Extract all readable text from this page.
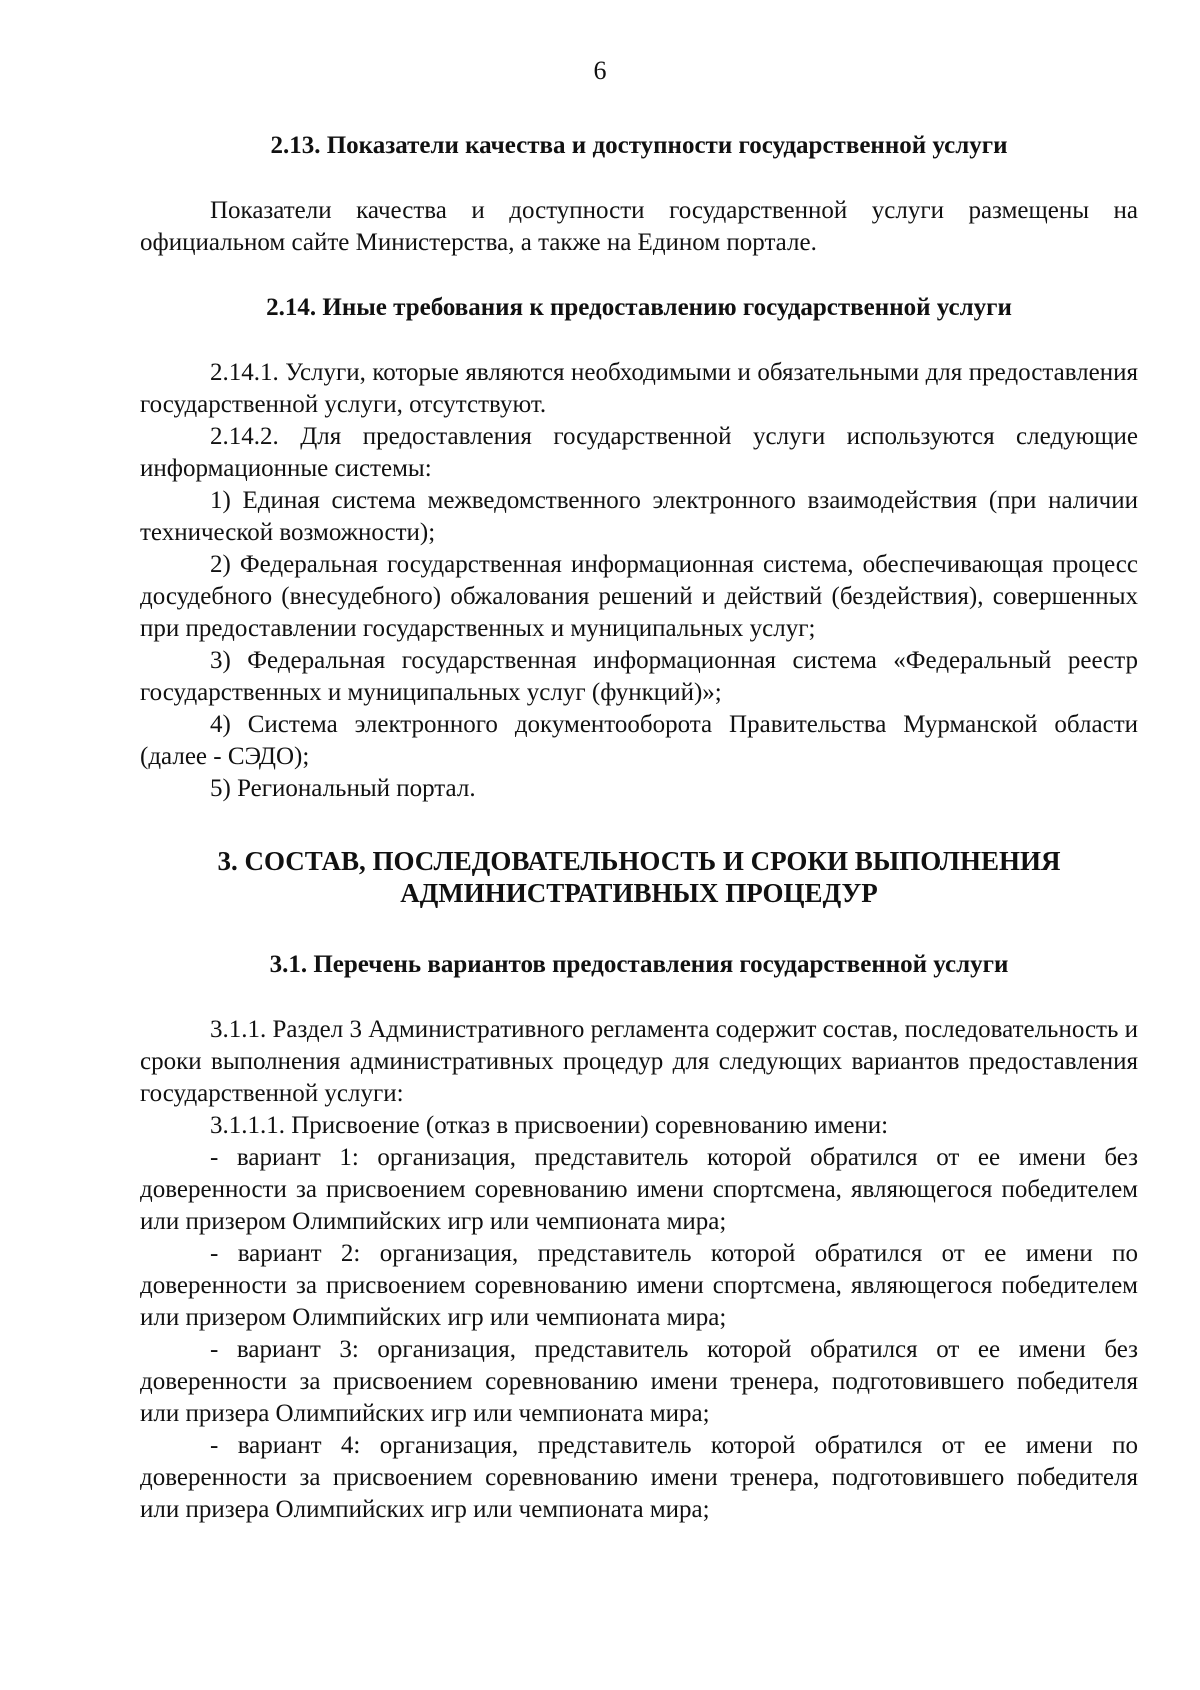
6

2.13. Показатели качества и доступности государственной услуги

Показатели качества и доступности государственной услуги размещены на официальном сайте Министерства, а также на Едином портале.

2.14. Иные требования к предоставлению государственной услуги

2.14.1. Услуги, которые являются необходимыми и обязательными для предоставления государственной услуги, отсутствуют.

2.14.2. Для предоставления государственной услуги используются следующие информационные системы:

1) Единая система межведомственного электронного взаимодействия (при наличии технической возможности);

2) Федеральная государственная информационная система, обеспечивающая процесс досудебного (внесудебного) обжалования решений и действий (бездействия), совершенных при предоставлении государственных и муниципальных услуг;

3) Федеральная государственная информационная система «Федеральный реестр государственных и муниципальных услуг (функций)»;

4) Система электронного документооборота Правительства Мурманской области (далее - СЭДО);

5) Региональный портал.

3. СОСТАВ, ПОСЛЕДОВАТЕЛЬНОСТЬ И СРОКИ ВЫПОЛНЕНИЯ

АДМИНИСТРАТИВНЫХ ПРОЦЕДУР

3.1. Перечень вариантов предоставления государственной услуги

3.1.1. Раздел 3 Административного регламента содержит состав, последовательность и сроки выполнения административных процедур для следующих вариантов предоставления государственной услуги:

3.1.1.1. Присвоение (отказ в присвоении) соревнованию имени:

- вариант 1: организация, представитель которой обратился от ее имени без доверенности за присвоением соревнованию имени спортсмена, являющегося победителем или призером Олимпийских игр или чемпионата мира;

- вариант 2: организация, представитель которой обратился от ее имени по доверенности за присвоением соревнованию имени спортсмена, являющегося победителем или призером Олимпийских игр или чемпионата мира;

- вариант 3: организация, представитель которой обратился от ее имени без доверенности за присвоением соревнованию имени тренера, подготовившего победителя или призера Олимпийских игр или чемпионата мира;

- вариант 4: организация, представитель которой обратился от ее имени по доверенности за присвоением соревнованию имени тренера, подготовившего победителя или призера Олимпийских игр или чемпионата мира;
